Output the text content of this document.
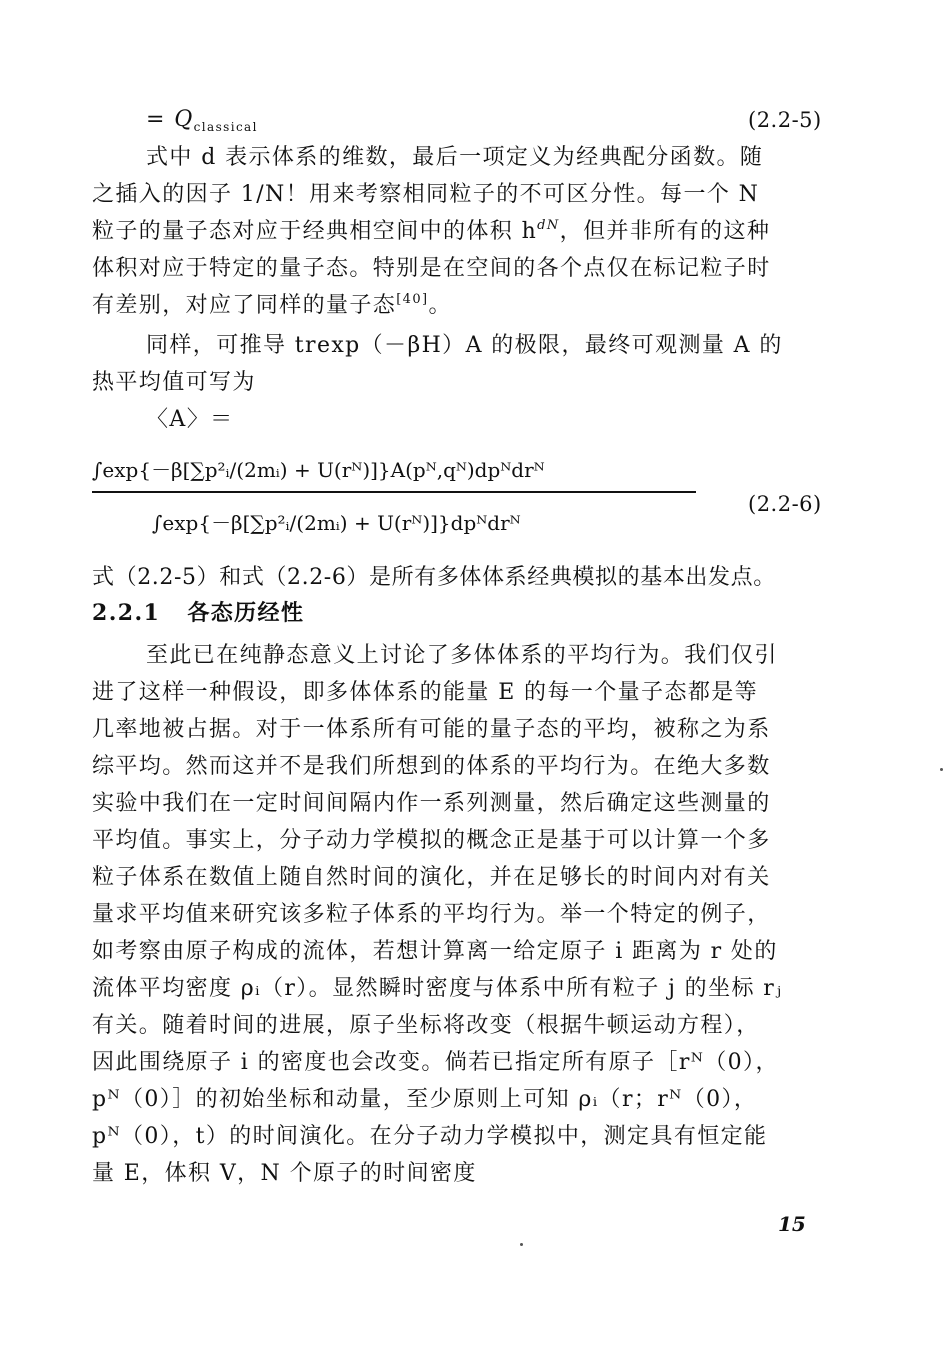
= $Q_{classical}$	(2.2-5)
式中 d 表示体系的维数，最后一项定义为经典配分函数。随
之插入的因子 1/N！用来考察相同粒子的不可区分性。每一个 N
粒子的量子态对应于经典相空间中的体积 $h^{dN}$，但并非所有的这种
体积对应于特定的量子态。特别是在空间的各个点仅在标记粒子时
有差别，对应了同样的量子态[40]。
同样，可推导 trexp（－βH）A 的极限，最终可观测量 A 的
热平均值可写为
〈A〉＝
∫exp{－β[∑p²ᵢ/(2mᵢ) + U(rᴺ)]}A(pᴺ,qᴺ)dpᴺdrᴺ
∫exp{－β[∑p²ᵢ/(2mᵢ) + U(rᴺ)]}dpᴺdrᴺ
(2.2-6)
式（2.2-5）和式（2.2-6）是所有多体体系经典模拟的基本出发点。
2.2.1 各态历经性
至此已在纯静态意义上讨论了多体体系的平均行为。我们仅引
进了这样一种假设，即多体体系的能量 E 的每一个量子态都是等
几率地被占据。对于一体系所有可能的量子态的平均，被称之为系
综平均。然而这并不是我们所想到的体系的平均行为。在绝大多数
实验中我们在一定时间间隔内作一系列测量，然后确定这些测量的
平均值。事实上，分子动力学模拟的概念正是基于可以计算一个多
粒子体系在数值上随自然时间的演化，并在足够长的时间内对有关
量求平均值来研究该多粒子体系的平均行为。举一个特定的例子，
如考察由原子构成的流体，若想计算离一给定原子 i 距离为 r 处的
流体平均密度 ρᵢ（r）。显然瞬时密度与体系中所有粒子 j 的坐标 rⱼ
有关。随着时间的进展，原子坐标将改变（根据牛顿运动方程），
因此围绕原子 i 的密度也会改变。倘若已指定所有原子［rᴺ（0），
pᴺ（0）］的初始坐标和动量，至少原则上可知 ρᵢ（r；rᴺ（0），
pᴺ（0），t）的时间演化。在分子动力学模拟中，测定具有恒定能
量 E，体积 V，N 个原子的时间密度
15
